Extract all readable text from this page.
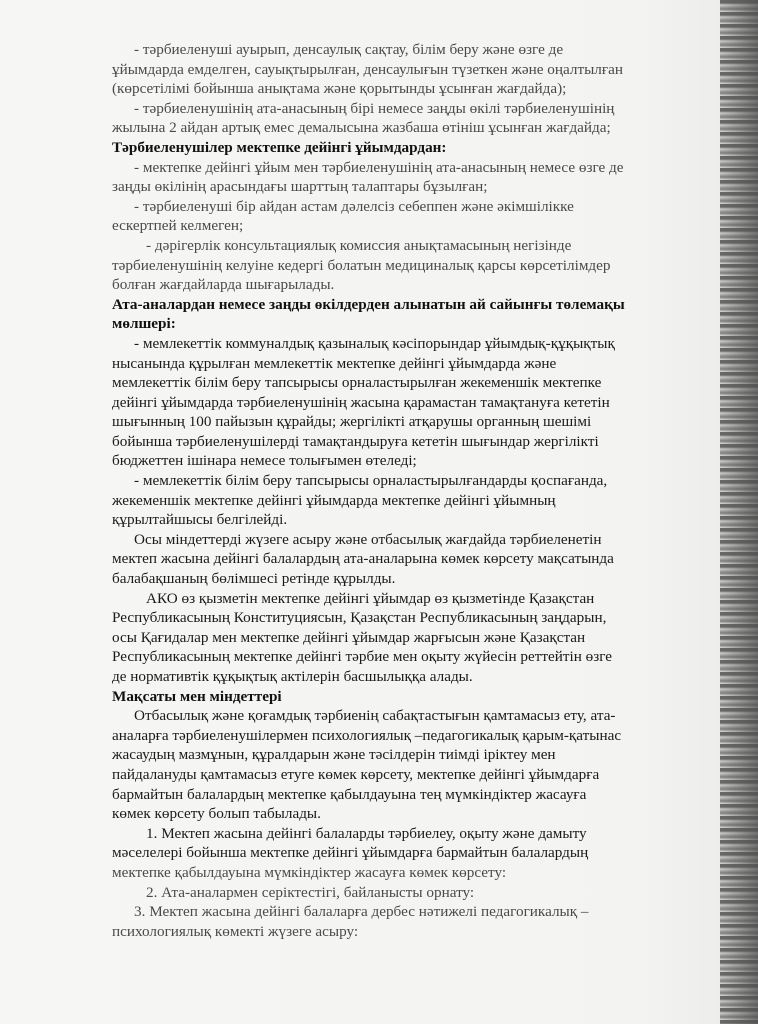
- тәрбиеленуші ауырып, денсаулық сақтау, білім беру және өзге де
ұйымдарда емделген, сауықтырылған, денсаулығын түзеткен және оңалтылған
(көрсетілімі бойынша анықтама және қорытынды ұсынған жағдайда);
- тәрбиеленушінің ата-анасының бірі немесе заңды өкілі тәрбиеленушінің
жылына 2 айдан артық емес демалысына жазбаша өтініш ұсынған жағдайда;
Тәрбиеленушілер мектепке дейінгі ұйымдардан:
- мектепке дейінгі ұйым мен тәрбиеленушінің ата-анасының немесе өзге де
заңды өкілінің арасындағы шарттың талаптары бұзылған;
- тәрбиеленуші бір айдан астам дәлелсіз себеппен және әкімшілікке
ескертпей келмеген;
- дәрігерлік консультациялық комиссия анықтамасының негізінде
тәрбиеленушінің келуіне кедергі болатын медициналық қарсы көрсетілімдер
болған жағдайларда шығарылады.
Ата-аналардан немесе заңды өкілдерден алынатын ай сайынғы төлемақы
мөлшері:
- мемлекеттік коммуналдық қазыналық кәсіпорындар ұйымдық-құқықтық
нысанында құрылған мемлекеттік мектепке дейінгі ұйымдарда және
мемлекеттік білім беру тапсырысы орналастырылған жекеменшік мектепке
дейінгі ұйымдарда тәрбиеленушінің жасына қарамастан тамақтануға кететін
шығынның 100 пайызын құрайды; жергілікті атқарушы органның шешімі
бойынша тәрбиеленушілерді тамақтандыруға кететін шығындар жергілікті
бюджеттен ішінара немесе толығымен өтеледі;
- мемлекеттік білім беру тапсырысы орналастырылғандарды қоспағанда,
жекеменшік мектепке дейінгі ұйымдарда мектепке дейінгі ұйымның
құрылтайшысы белгілейді.
Осы міндеттерді жүзеге асыру және отбасылық жағдайда тәрбиеленетін
мектеп жасына дейінгі балалардың ата-аналарына көмек көрсету мақсатында
балабақшаның бөлімшесі ретінде құрылды.
АКО өз қызметін мектепке дейінгі ұйымдар өз қызметінде Қазақстан
Республикасының Конституциясын, Қазақстан Республикасының заңдарын,
осы Қағидалар мен мектепке дейінгі ұйымдар жарғысын және Қазақстан
Республикасының мектепке дейінгі тәрбие мен оқыту жүйесін реттейтін өзге
де нормативтік құқықтық актілерін басшылыққа алады.
Мақсаты мен міндеттері
Отбасылық және қоғамдық тәрбиенің сабақтастығын қамтамасыз ету, ата-
аналарға тәрбиеленушілермен психологиялық –педагогикалық қарым-қатынас
жасаудың мазмұнын, құралдарын және тәсілдерін тиімді іріктеу мен
пайдалануды қамтамасыз етуге көмек көрсету, мектепке дейінгі ұйымдарға
бармайтын балалардың мектепке қабылдауына тең мүмкіндіктер жасауға
көмек көрсету болып табылады.
1. Мектеп жасына дейінгі балаларды тәрбиелеу, оқыту және дамыту
мәселелері бойынша мектепке дейінгі ұйымдарға бармайтын балалардың
мектепке қабылдауына мүмкіндіктер жасауға көмек көрсету:
2. Ата-аналармен серіктестігі, байланысты орнату:
3. Мектеп жасына дейінгі балаларға дербес нәтижелі педагогикалық –
психологиялық көмекті жүзеге асыру:
